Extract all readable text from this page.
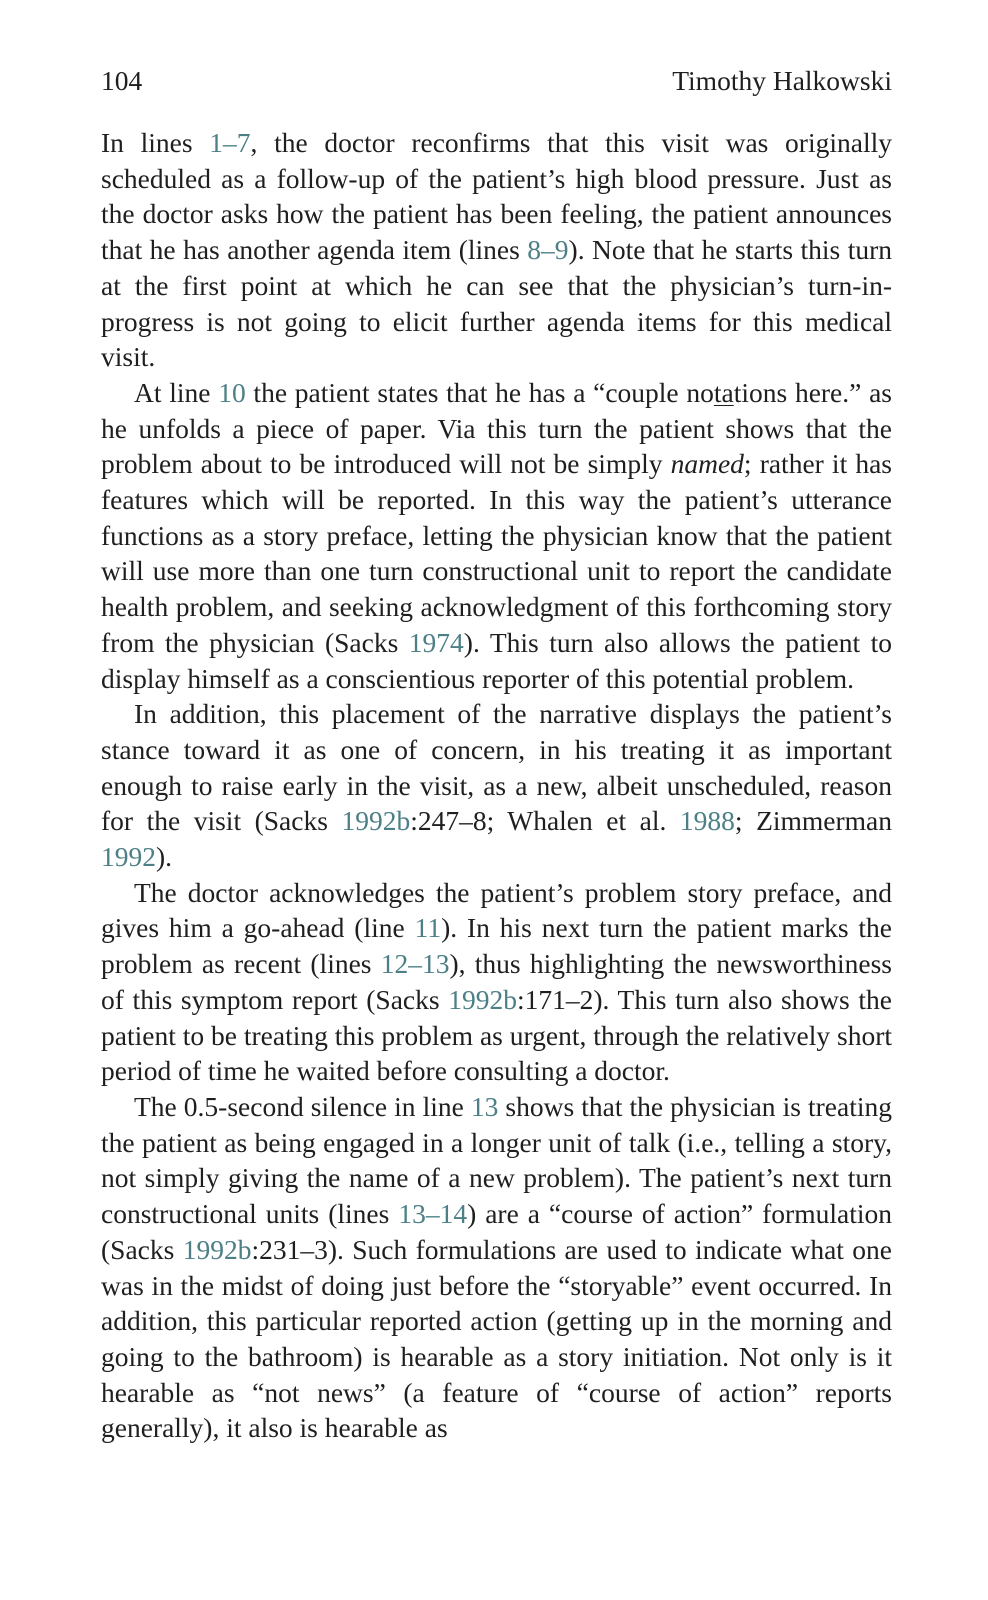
104	Timothy Halkowski

In lines 1–7, the doctor reconfirms that this visit was originally scheduled as a follow-up of the patient’s high blood pressure. Just as the doctor asks how the patient has been feeling, the patient announces that he has another agenda item (lines 8–9). Note that he starts this turn at the first point at which he can see that the physician’s turn-in-progress is not going to elicit further agenda items for this medical visit.

At line 10 the patient states that he has a “couple notations here.” as he unfolds a piece of paper. Via this turn the patient shows that the problem about to be introduced will not be simply named; rather it has features which will be reported. In this way the patient’s utterance functions as a story preface, letting the physician know that the patient will use more than one turn constructional unit to report the candidate health problem, and seeking acknowledgment of this forthcoming story from the physician (Sacks 1974). This turn also allows the patient to display himself as a conscientious reporter of this potential problem.

In addition, this placement of the narrative displays the patient’s stance toward it as one of concern, in his treating it as important enough to raise early in the visit, as a new, albeit unscheduled, reason for the visit (Sacks 1992b:247–8; Whalen et al. 1988; Zimmerman 1992).

The doctor acknowledges the patient’s problem story preface, and gives him a go-ahead (line 11). In his next turn the patient marks the problem as recent (lines 12–13), thus highlighting the newsworthiness of this symptom report (Sacks 1992b:171–2). This turn also shows the patient to be treating this problem as urgent, through the relatively short period of time he waited before consulting a doctor.

The 0.5-second silence in line 13 shows that the physician is treating the patient as being engaged in a longer unit of talk (i.e., telling a story, not simply giving the name of a new problem). The patient’s next turn constructional units (lines 13–14) are a “course of action” formulation (Sacks 1992b:231–3). Such formulations are used to indicate what one was in the midst of doing just before the “storyable” event occurred. In addition, this particular reported action (getting up in the morning and going to the bathroom) is hearable as a story initiation. Not only is it hearable as “not news” (a feature of “course of action” reports generally), it also is hearable as
